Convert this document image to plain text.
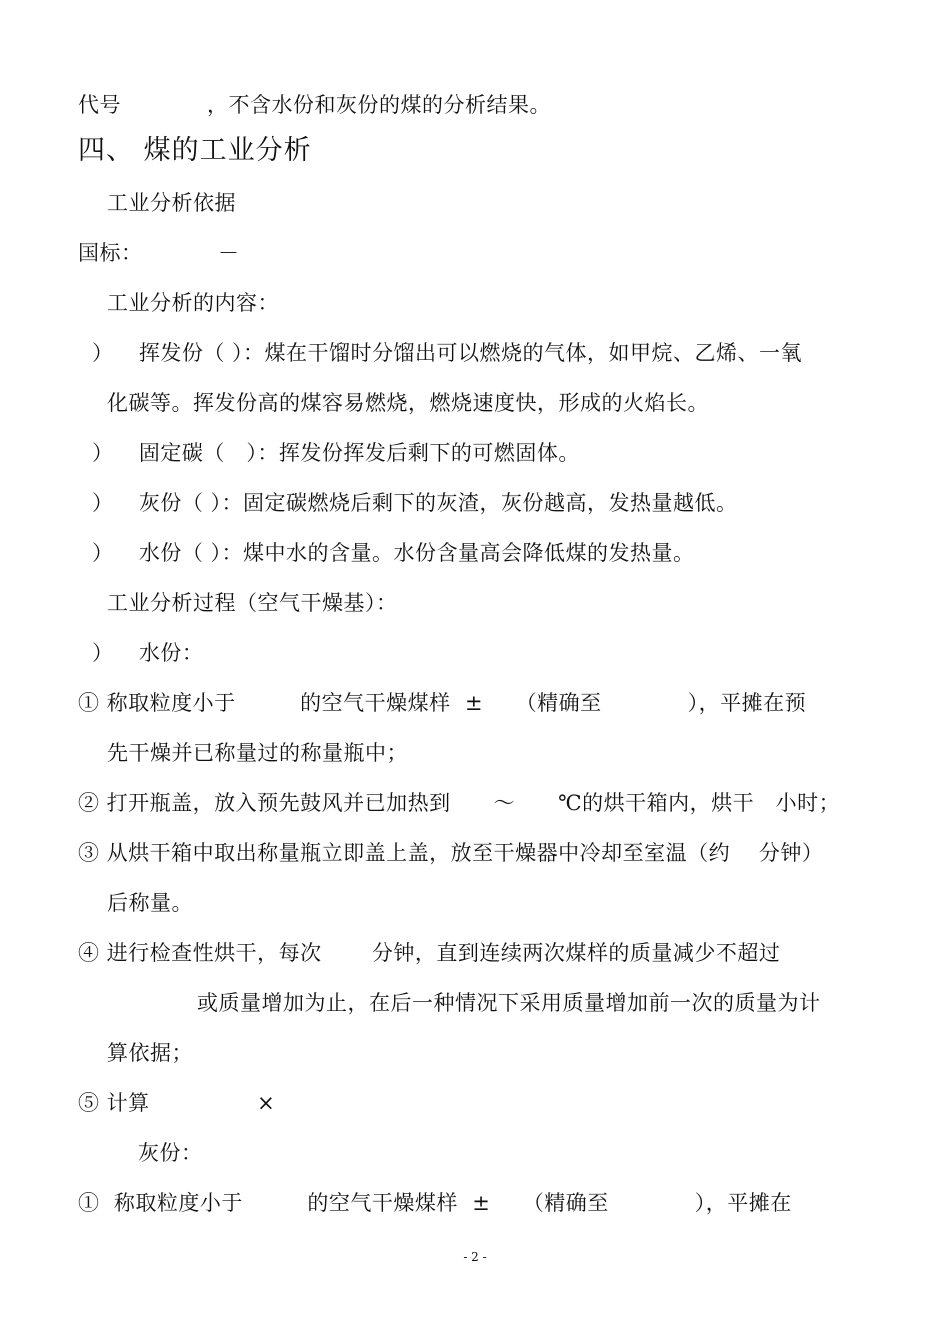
代号　　　　，不含水份和灰份的煤的分析结果。
四、 煤的工业分析
工业分析依据
国标：　　　　－
工业分析的内容：
）　  挥发份（ ）：煤在干馏时分馏出可以燃烧的气体，如甲烷、乙烯、一氧
化碳等。挥发份高的煤容易燃烧，燃烧速度快，形成的火焰长。
）　  固定碳（　）：挥发份挥发后剩下的可燃固体。
）　  灰份（ ）：固定碳燃烧后剩下的灰渣，灰份越高，发热量越低。
）　  水份（ ）：煤中水的含量。水份含量高会降低煤的发热量。
工业分析过程（空气干燥基）：
）　  水份：
① 称取粒度小于　　　的空气干燥煤样  ±　　（精确至　　　　），平摊在预
先干燥并已称量过的称量瓶中；
② 打开瓶盖，放入预先鼓风并已加热到　　～　　℃的烘干箱内，烘干　小时；
③ 从烘干箱中取出称量瓶立即盖上盖，放至干燥器中冷却至室温（约　 分钟）
后称量。
④ 进行检查性烘干，每次　　 分钟，直到连续两次煤样的质量减少不超过
或质量增加为止，在后一种情况下采用质量增加前一次的质量为计
算依据；
⑤ 计算　　　　　×
灰份：
①  称取粒度小于　　　的空气干燥煤样  ±　　（精确至　　　　），平摊在
- 2 -
